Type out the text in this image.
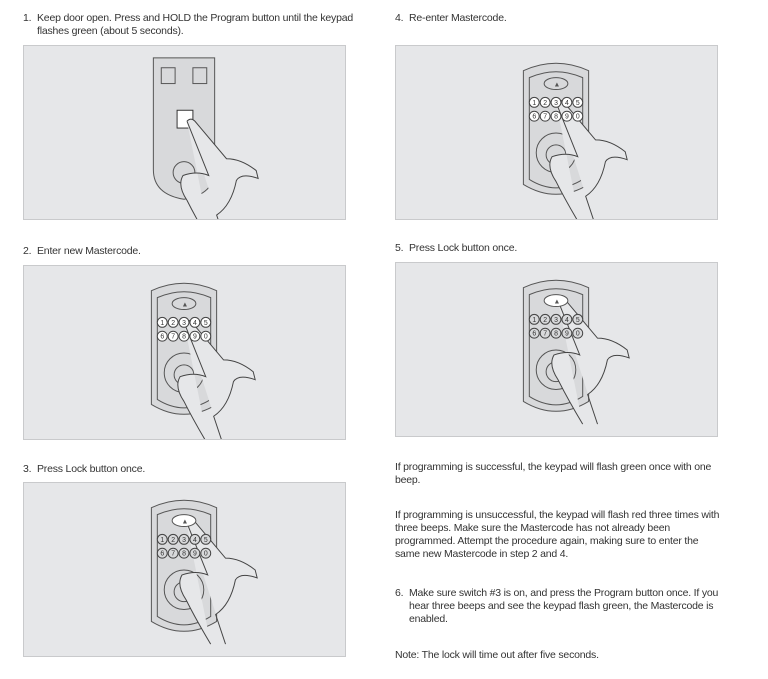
1. Keep door open. Press and HOLD the Program button until the keypad flashes green (about 5 seconds).
2. Enter new Mastercode.
▲
1 2 3 4 5
6 7 8 9 0
3. Press Lock button once.
▲
1 2 3 4 5
6 7 8 9 0
4. Re-enter Mastercode.
▲
1 2 3 4 5
6 7 8 9 0
5. Press Lock button once.
▲
1 2 3 4 5
6 7 8 9 0
If programming is successful, the keypad will flash green once with one beep.
If programming is unsuccessful, the keypad will flash red three times with three beeps. Make sure the Mastercode has not already been programmed. Attempt the procedure again, making sure to enter the same new Mastercode in step 2 and 4.
6. Make sure switch #3 is on, and press the Program button once. If you hear three beeps and see the keypad flash green, the Mastercode is enabled.
Note: The lock will time out after five seconds.
